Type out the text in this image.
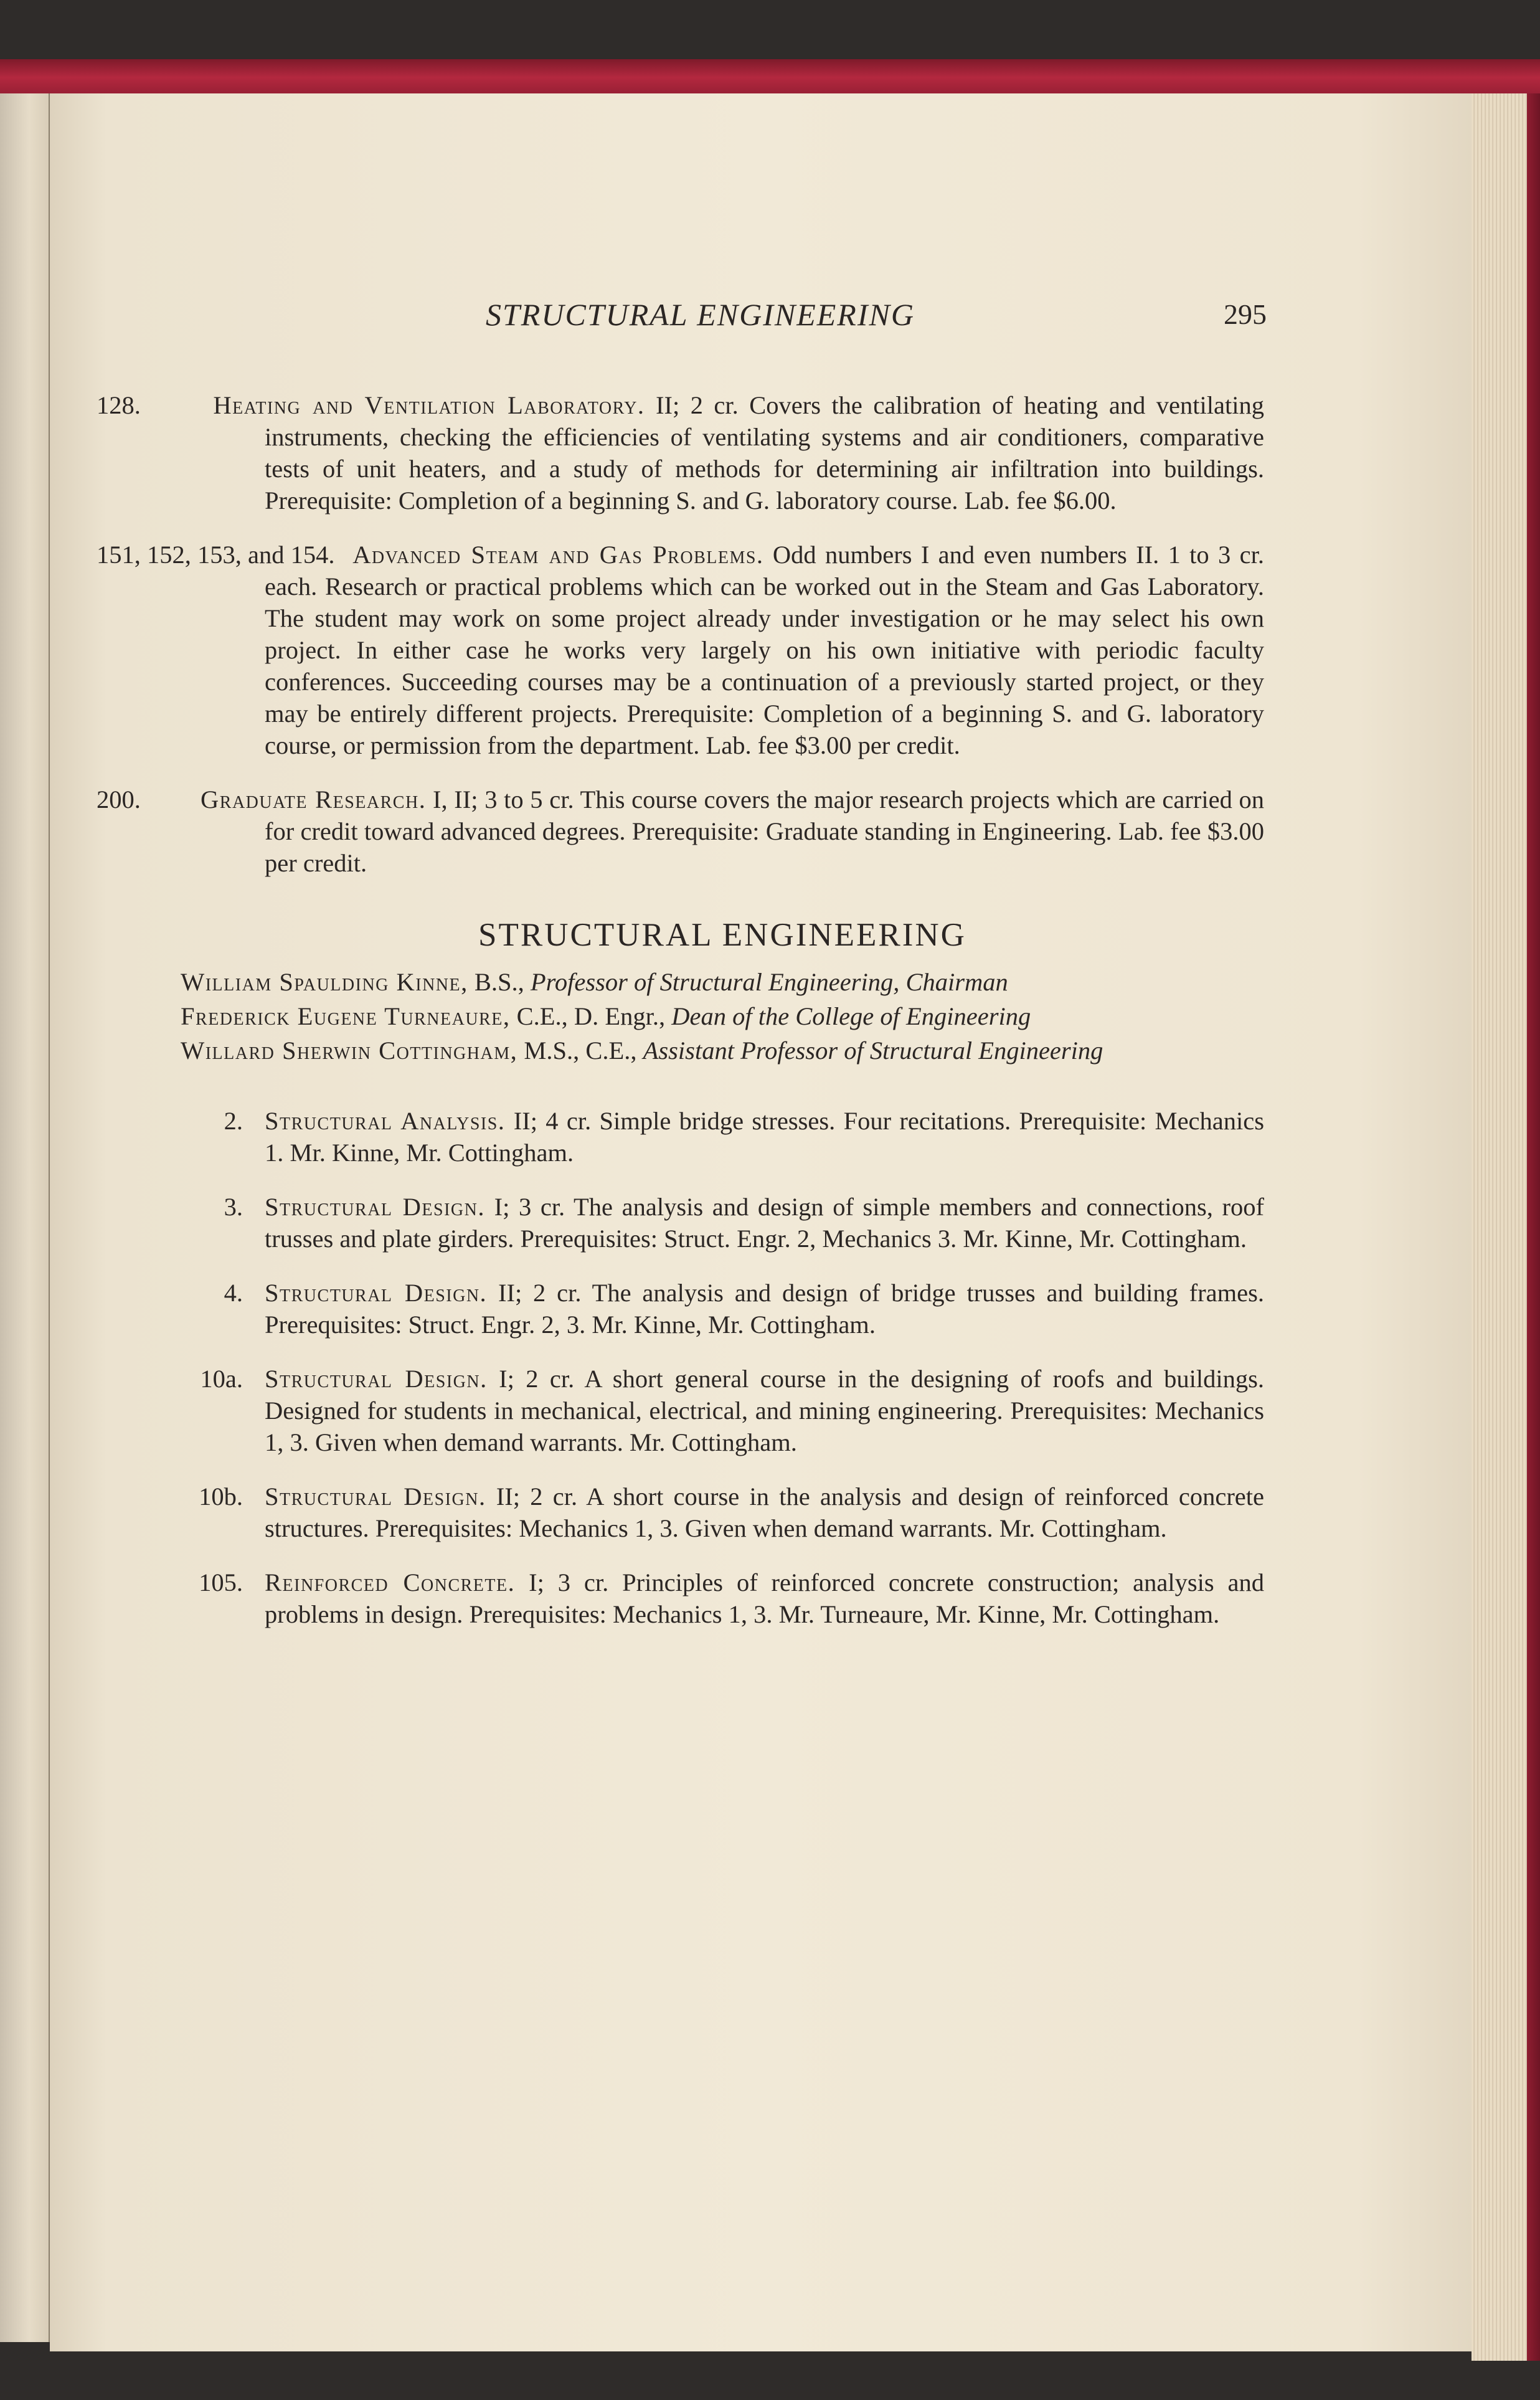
STRUCTURAL ENGINEERING	295

Heating and Ventilation Laboratory. II; 2 cr. Covers the calibration of heating and ventilating instruments, checking the efficiencies of ventilating systems and air conditioners, comparative tests of unit heaters, and a study of methods for determining air infiltration into buildings. Prerequisite: Completion of a beginning S. and G. laboratory course. Lab. fee $6.00.

151, 152, 153, and 154. Advanced Steam and Gas Problems. Odd numbers I and even numbers II. 1 to 3 cr. each. Research or practical problems which can be worked out in the Steam and Gas Laboratory. The student may work on some project already under investigation or he may select his own project. In either case he works very largely on his own initiative with periodic faculty conferences. Succeeding courses may be a continuation of a previously started project, or they may be entirely different projects. Prerequisite: Completion of a beginning S. and G. laboratory course, or permission from the department. Lab. fee $3.00 per credit.

Graduate Research. I, II; 3 to 5 cr. This course covers the major research projects which are carried on for credit toward advanced degrees. Prerequisite: Graduate standing in Engineering. Lab. fee $3.00 per credit.

STRUCTURAL ENGINEERING

William Spaulding Kinne, B.S., Professor of Structural Engineering, Chairman

Frederick Eugene Turneaure, C.E., D. Engr., Dean of the College of Engineering

Willard Sherwin Cottingham, M.S., C.E., Assistant Professor of Structural Engineering

2. Structural Analysis. II; 4 cr. Simple bridge stresses. Four recitations. Prerequisite: Mechanics 1. Mr. Kinne, Mr. Cottingham.

3. Structural Design. I; 3 cr. The analysis and design of simple members and connections, roof trusses and plate girders. Prerequisites: Struct. Engr. 2, Mechanics 3. Mr. Kinne, Mr. Cottingham.

4. Structural Design. II; 2 cr. The analysis and design of bridge trusses and building frames. Prerequisites: Struct. Engr. 2, 3. Mr. Kinne, Mr. Cottingham.

10a. Structural Design. I; 2 cr. A short general course in the designing of roofs and buildings. Designed for students in mechanical, electrical, and mining engineering. Prerequisites: Mechanics 1, 3. Given when demand warrants. Mr. Cottingham.

10b. Structural Design. II; 2 cr. A short course in the analysis and design of reinforced concrete structures. Prerequisites: Mechanics 1, 3. Given when demand warrants. Mr. Cottingham.

105. Reinforced Concrete. I; 3 cr. Principles of reinforced concrete construction; analysis and problems in design. Prerequisites: Mechanics 1, 3. Mr. Turneaure, Mr. Kinne, Mr. Cottingham.
